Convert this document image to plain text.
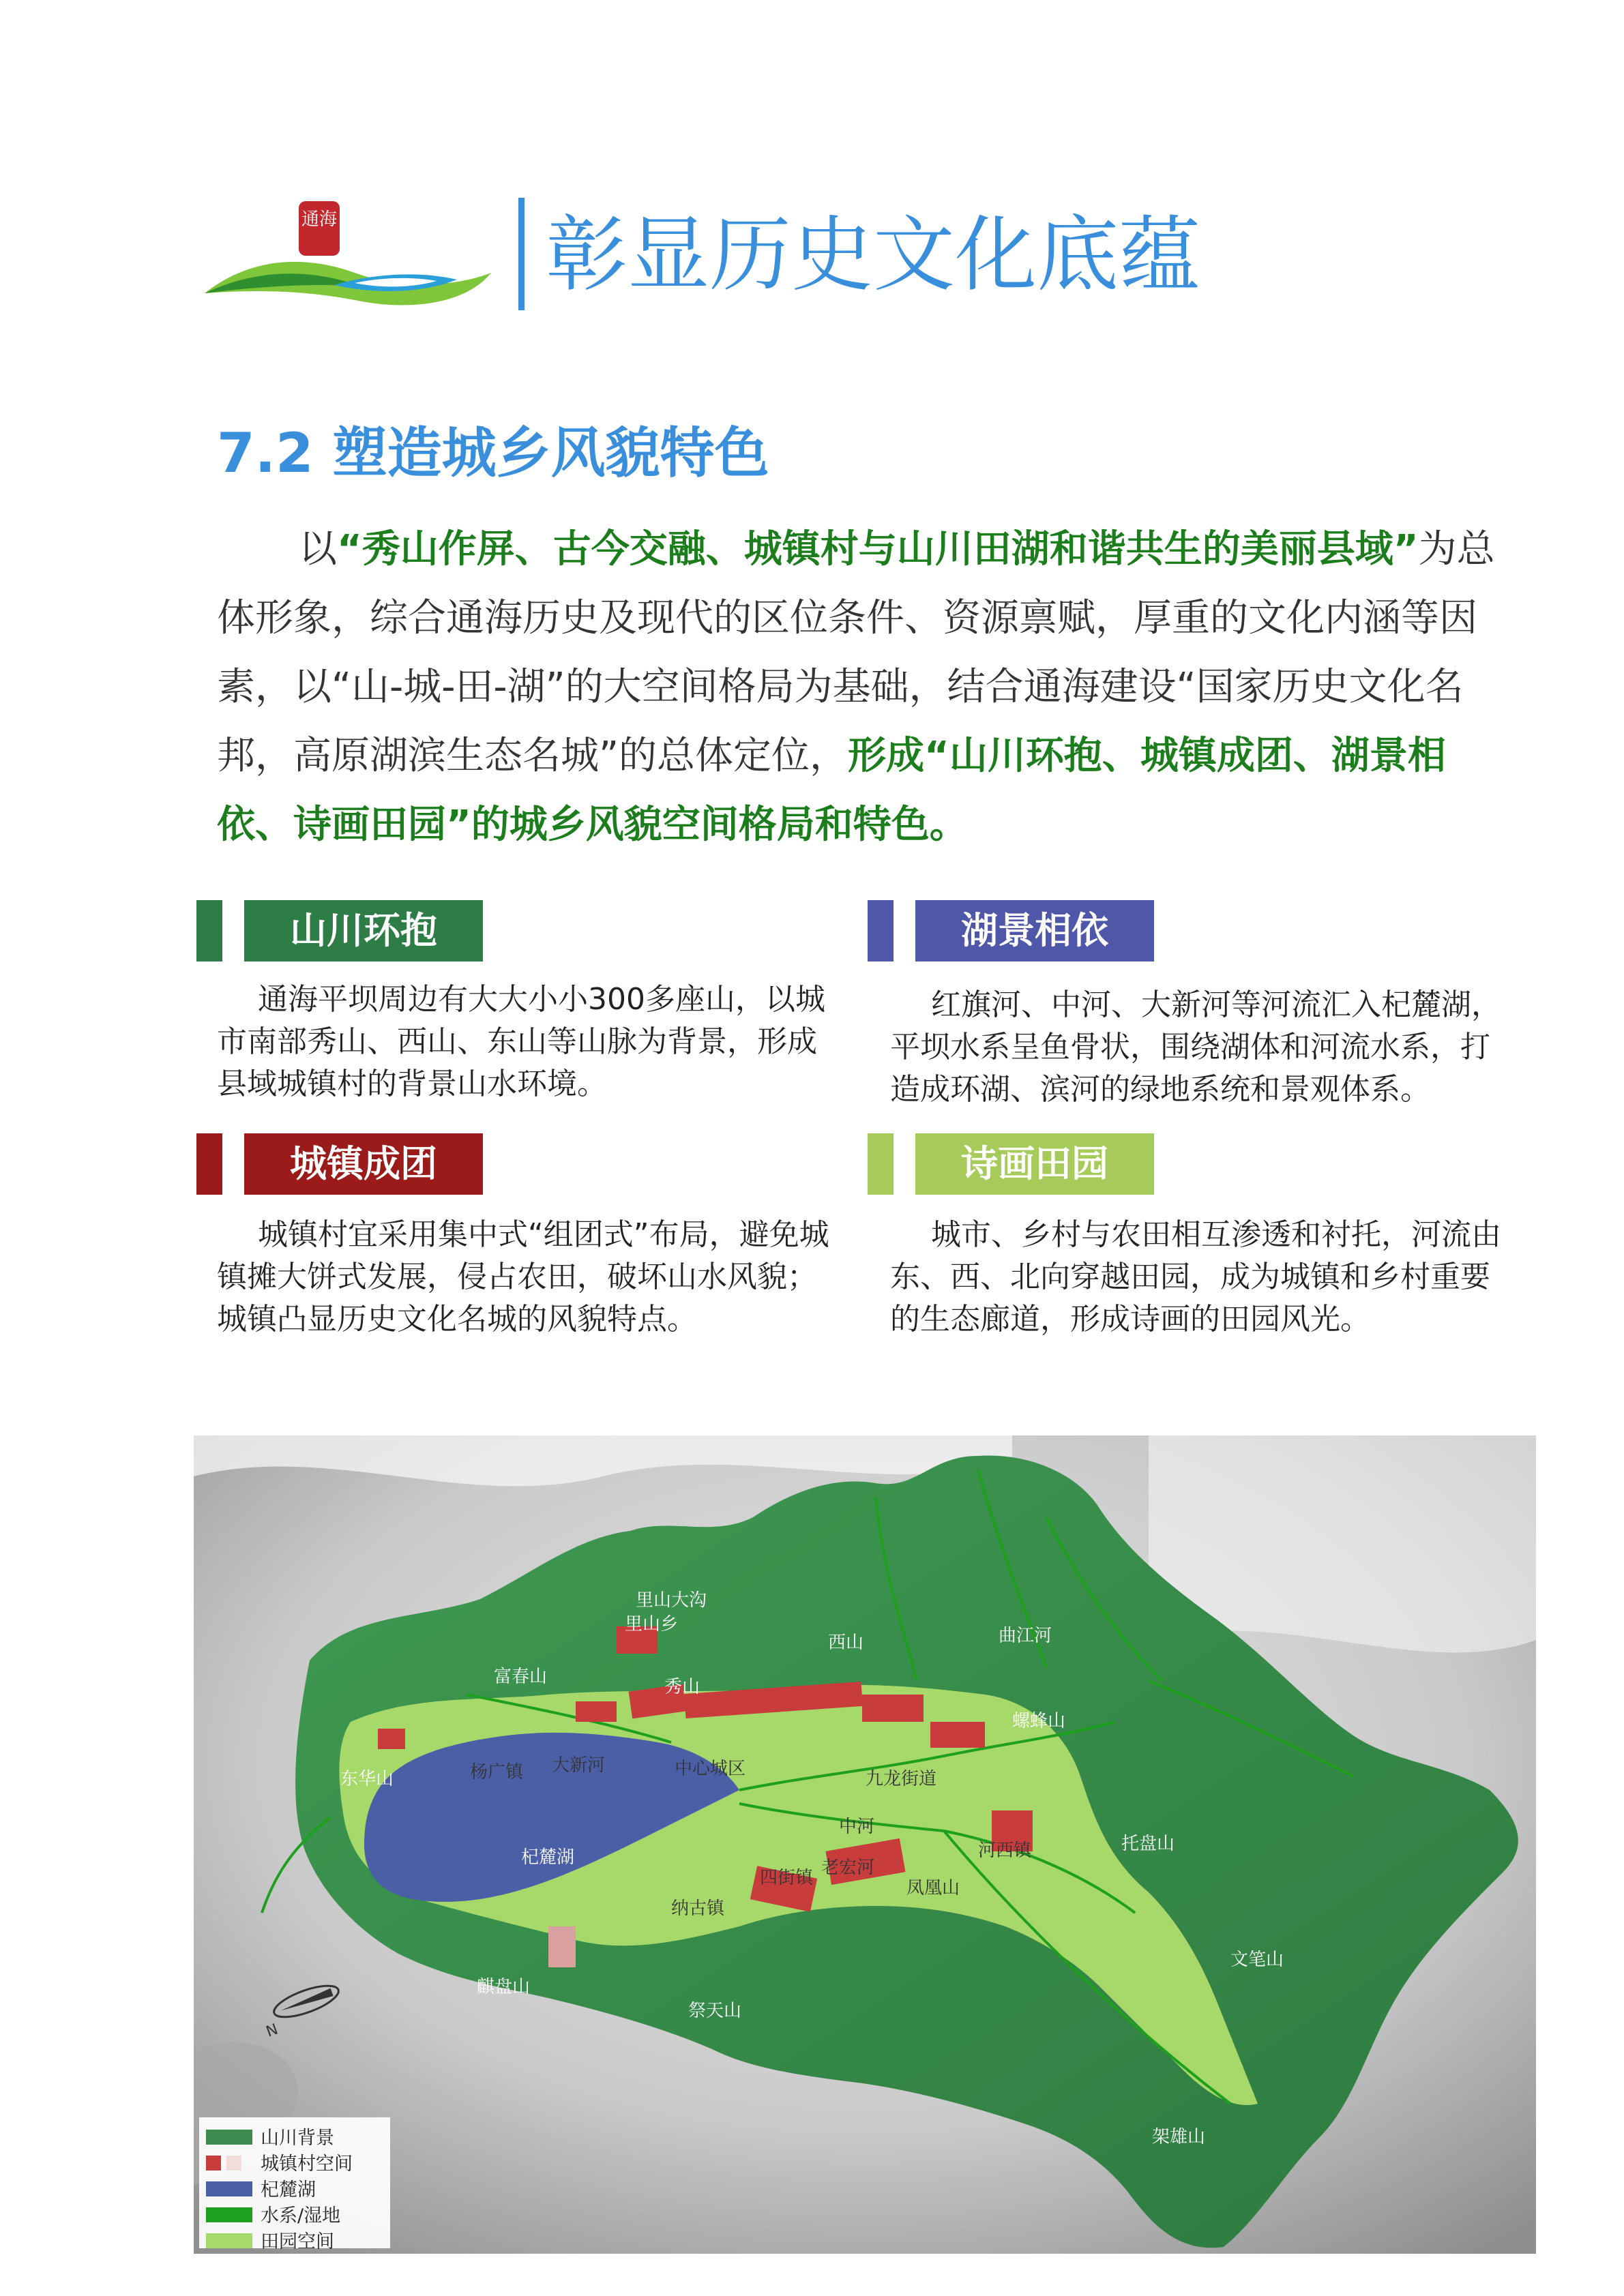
通海	彰显历史文化底蕴
7.2 塑造城乡风貌特色
以“秀山作屏、古今交融、城镇村与山川田湖和谐共生的美丽县域”为总体形象，综合通海历史及现代的区位条件、资源禀赋，厚重的文化内涵等因素，以“山-城-田-湖”的大空间格局为基础，结合通海建设“国家历史文化名邦，高原湖滨生态名城”的总体定位，形成“山川环抱、城镇成团、湖景相依、诗画田园”的城乡风貌空间格局和特色。
山川环抱
通海平坝周边有大大小小300多座山，以城市南部秀山、西山、东山等山脉为背景，形成县域城镇村的背景山水环境。
湖景相依
红旗河、中河、大新河等河流汇入杞麓湖，平坝水系呈鱼骨状，围绕湖体和河流水系，打造成环湖、滨河的绿地系统和景观体系。
城镇成团
城镇村宜采用集中式“组团式”布局，避免城镇摊大饼式发展，侵占农田，破坏山水风貌；城镇凸显历史文化名城的风貌特点。
诗画田园
城市、乡村与农田相互渗透和衬托，河流由东、西、北向穿越田园，成为城镇和乡村重要的生态廊道，形成诗画的田园风光。
里山大沟
里山乡
西山	曲江河
富春山	秀山
螺蜂山
东华山	杨广镇 大新河	中心城区	九龙街道
杞麓湖
中河
河西镇	托盘山
四街镇 老宏河
纳古镇
凤凰山
文笔山
麒盘山
祭天山
架雄山
N
山川背景
城镇村空间
杞麓湖
水系/湿地
田园空间
